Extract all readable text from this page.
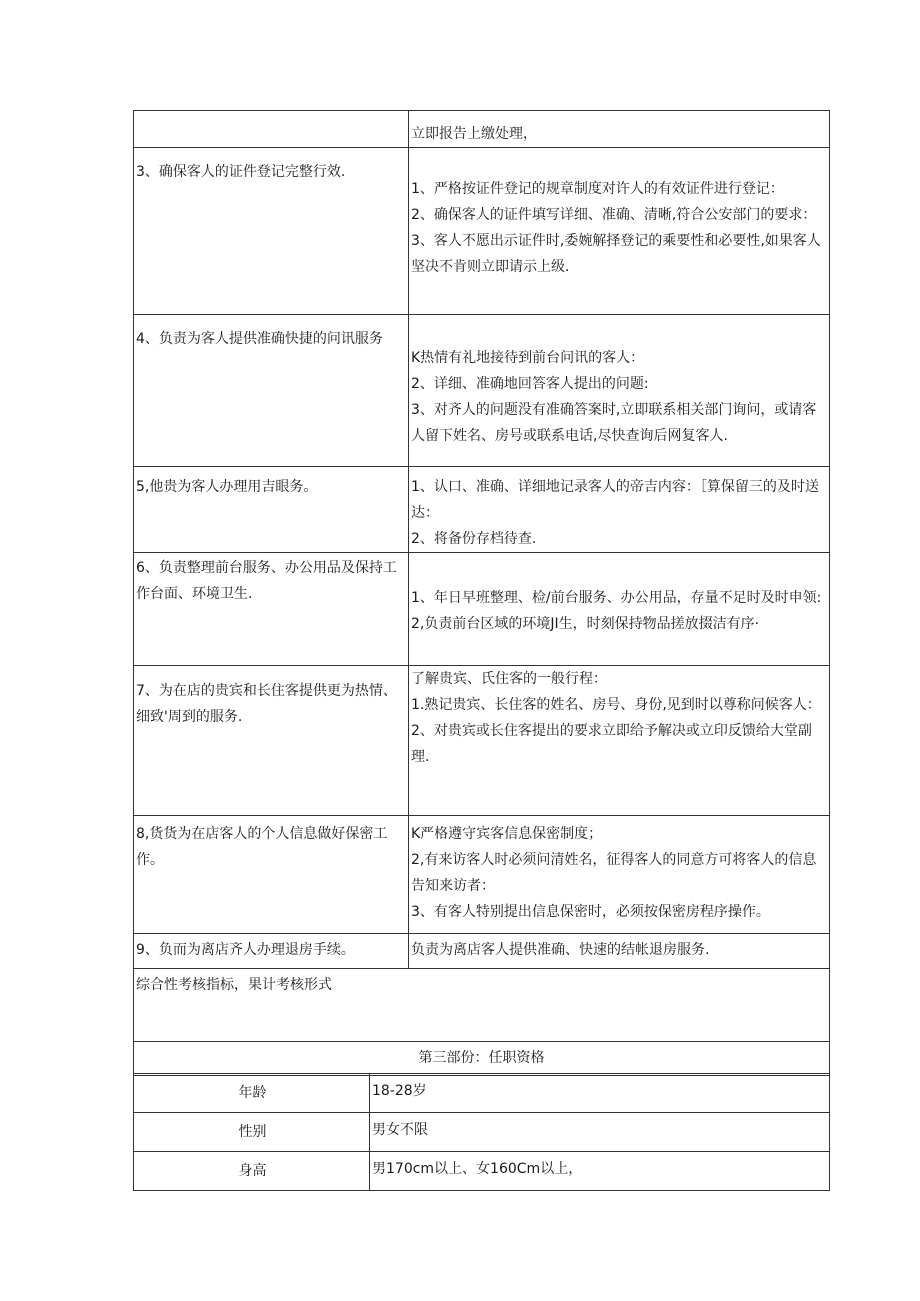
	立即报告上缴处理，

3、确保客人的证件登记完整行效.	1、严格按证件登记的规章制度对许人的有效证件进行登记：

2、确保客人的证件填写详细、准确、清晰,符合公安部门的要求：

3、客人不愿出示证件时,委婉解择登记的乘要性和必要性,如果客人坚决不肯则立即请示上级.

4、负责为客人提供准确快捷的问讯服务	K热情有礼地接待到前台问讯的客人：

2、详细、准确地回答客人提出的问题:

3、对齐人的问题没有准确答案时,立即联系相关部门询问，或请客人留下姓名、房号或联系电话,尽快查询后网复客人.

5,他贵为客人办理用吉眼务。	1、认口、准确、详细地记录客人的帝吉内容：［算保留三的及时送达：

2、将备份存档待查.

6、负责整理前台服务、办公用品及保持工作台面、环境卫生.	1、年日早班整理、检/前台服务、办公用品，存量不足时及时申领:

2,负责前台区域的环境JI生，时刻保持物品搓放掇洁有序·

7、为在店的贵宾和长住客提供更为热情、细致'周到的服务.	了解贵宾、氏住客的一般行程：

1.熟记贵宾、长住客的姓名、房号、身份,见到时以尊称问候客人：

2、对贵宾或长住客提出的要求立即给予解决或立印反馈给大堂副理.

8,货货为在店客人的个人信息做好保密工作。	K严格遵守宾客信息保密制度；

2,有来访客人时必须问清姓名，征得客人的同意方可将客人的信息告知来访者：

3、有客人特别提出信息保密时，必须按保密房程序操作。

9、负而为离店齐人办理退房手续。	负责为离店客人提供准确、快速的结帐退房服务.

综合性考核指标，果计考核形式	
第三部份：任职资格	
年龄	18-28岁
性别	男女不限
身高	男170cm以上、女160Cm以上，
